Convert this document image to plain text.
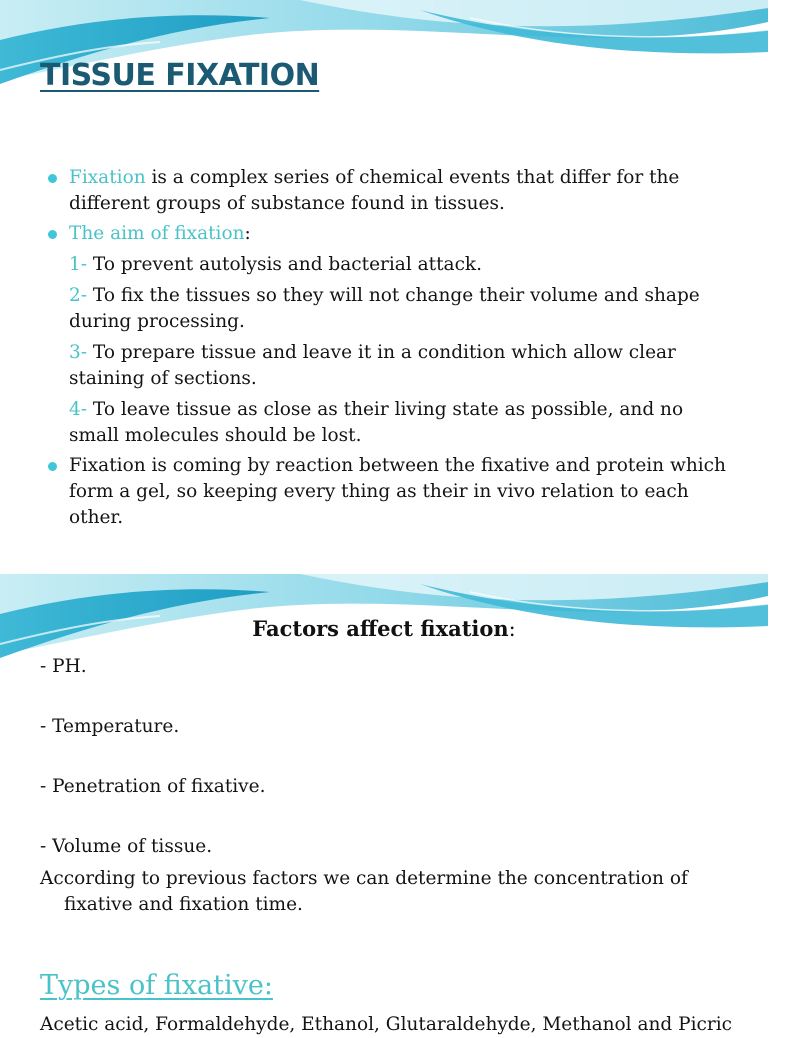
TISSUE FIXATION
Fixation is a complex series of chemical events that differ for the different groups of substance found in tissues.
The aim of fixation:
1- To prevent autolysis and bacterial attack.
2- To fix the tissues so they will not change their volume and shape during processing.
3- To prepare tissue and leave it in a condition which allow clear staining of sections.
4- To leave tissue as close as their living state as possible, and no small molecules should be lost.
Fixation is coming by reaction between the fixative and protein which form a gel, so keeping every thing as their in vivo relation to each other.
Factors affect fixation:

- PH.

- Temperature.

- Penetration of fixative.

- Volume of tissue.

According to previous factors we can determine the concentration of
fixative and fixation time.
Types of fixative:
Acetic acid, Formaldehyde, Ethanol, Glutaraldehyde, Methanol and Picric
